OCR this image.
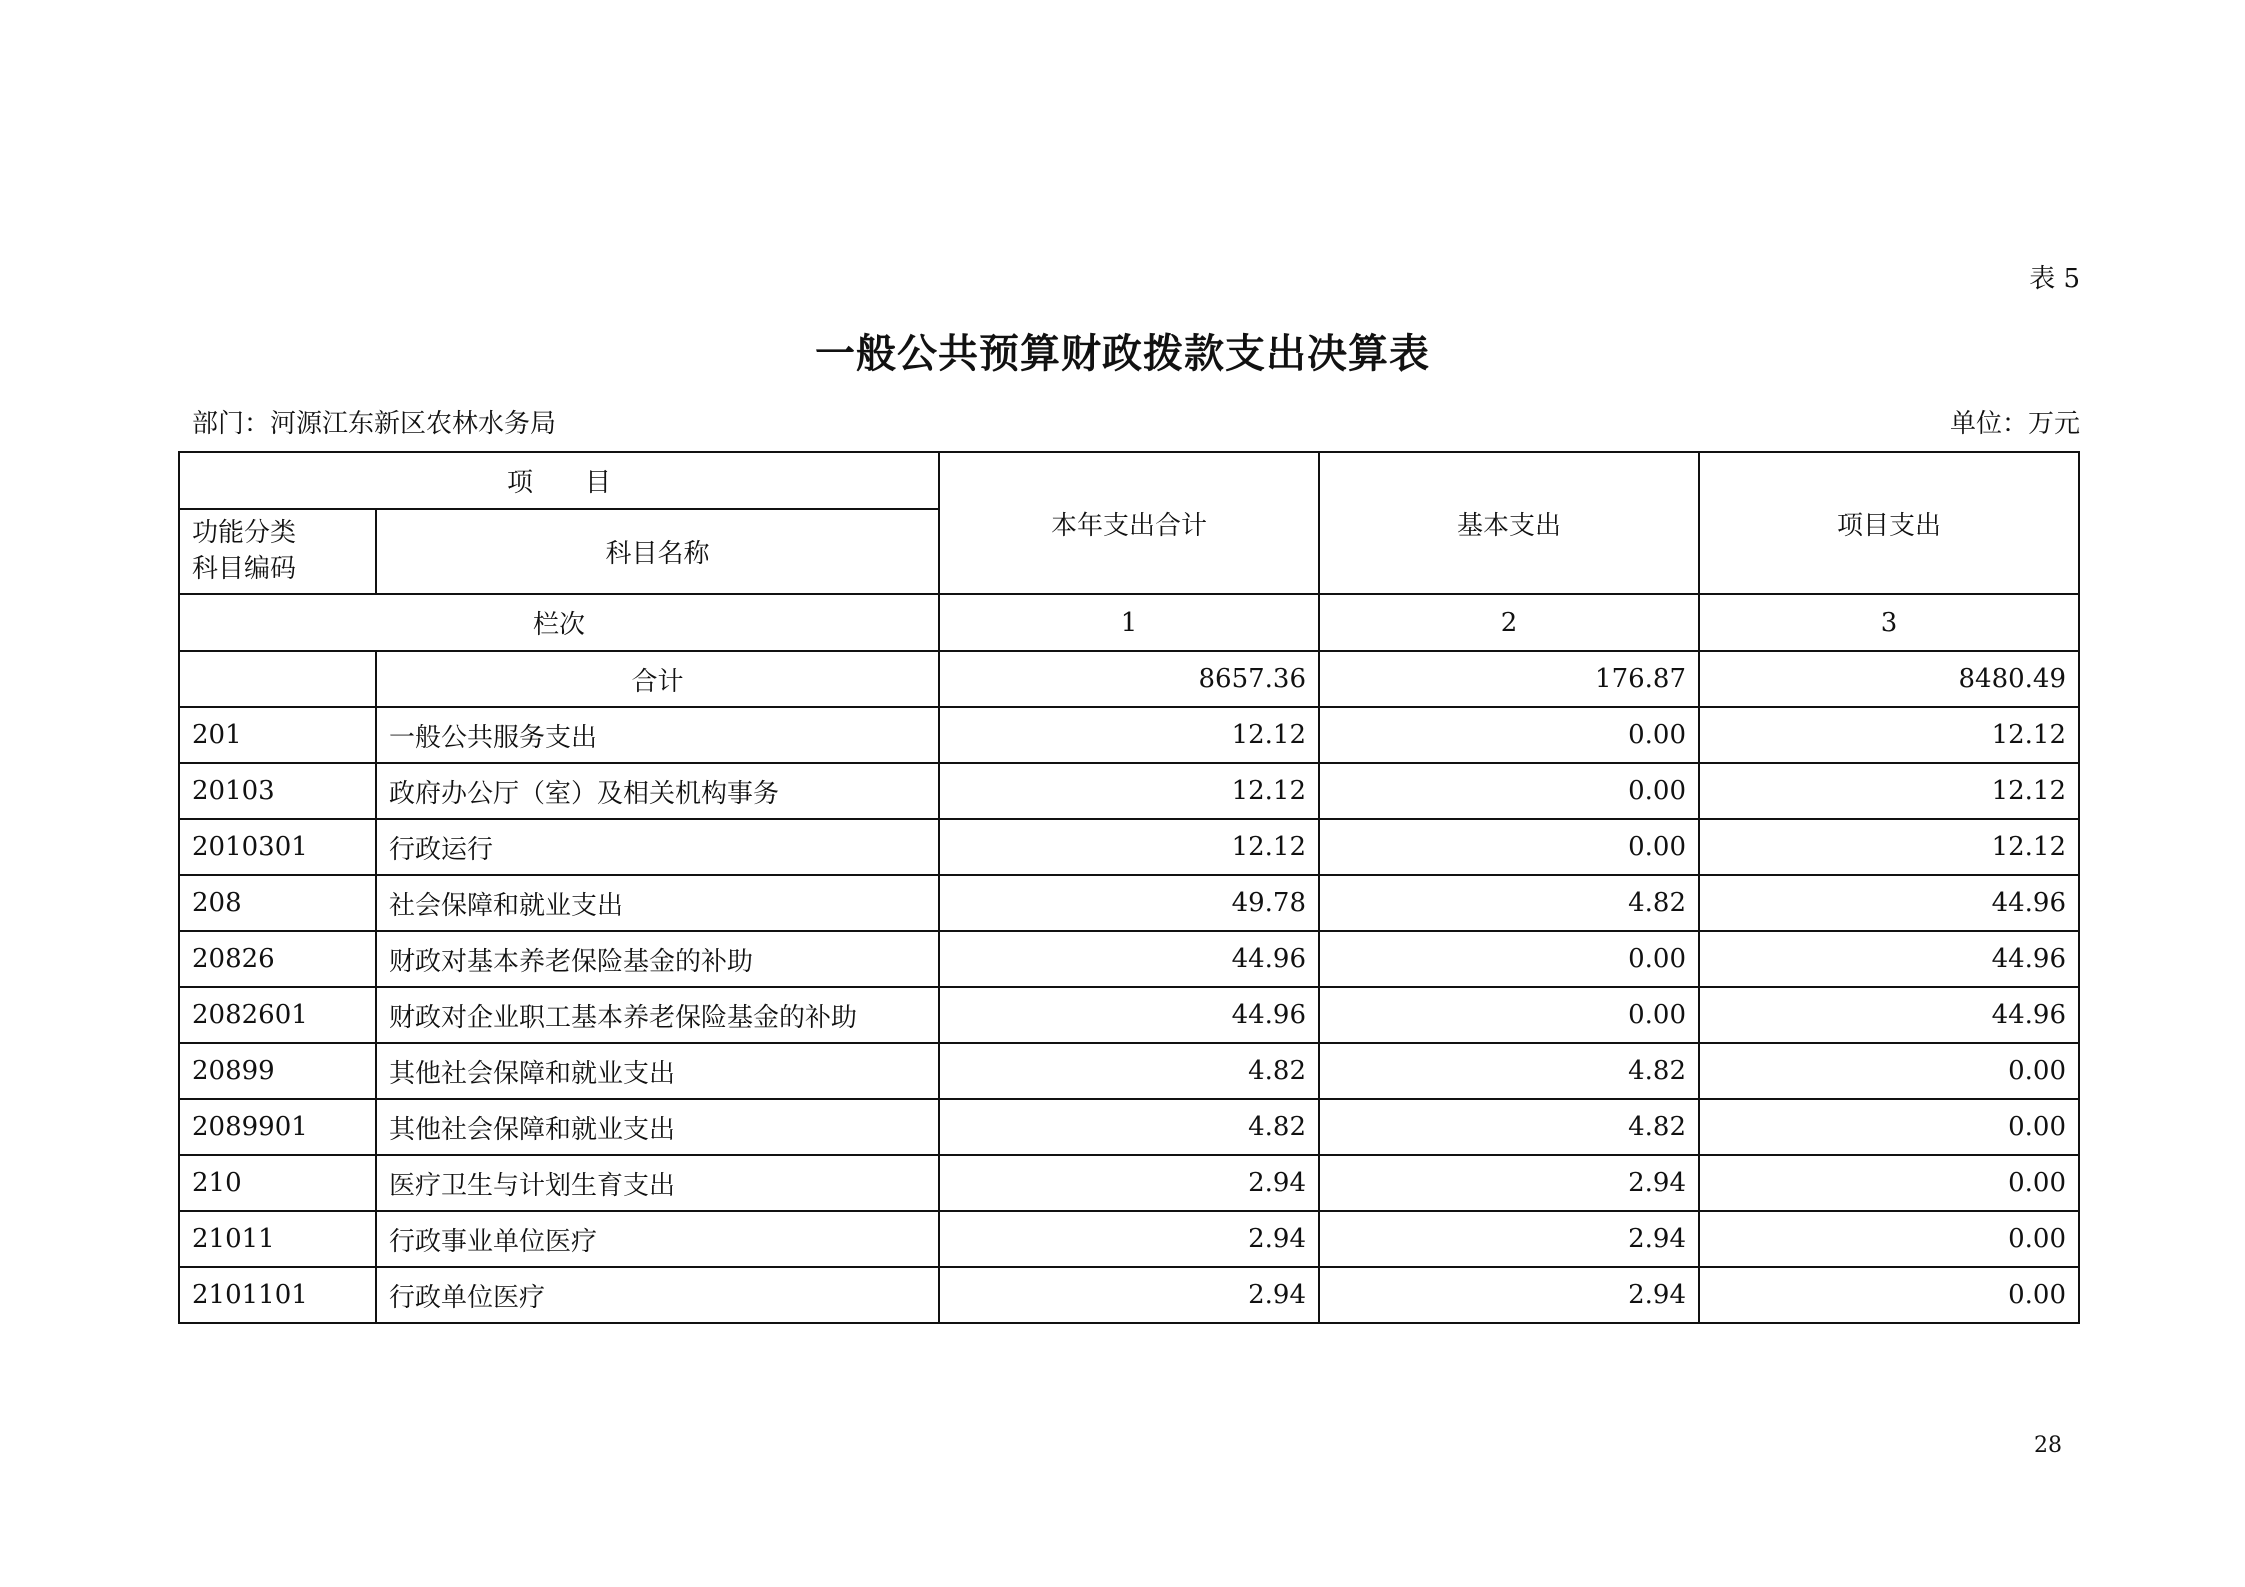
表 5
一般公共预算财政拨款支出决算表
部门：河源江东新区农林水务局	单位：万元
项　　目		本年支出合计	基本支出	项目支出

功能分类
科目编码	科目名称			
栏次		1	2	3
	合计	8657.36	176.87	8480.49
201	一般公共服务支出	12.12	0.00	12.12
20103	政府办公厅（室）及相关机构事务	12.12	0.00	12.12
2010301	行政运行	12.12	0.00	12.12
208	社会保障和就业支出	49.78	4.82	44.96
20826	财政对基本养老保险基金的补助	44.96	0.00	44.96
2082601	财政对企业职工基本养老保险基金的补助	44.96	0.00	44.96
20899	其他社会保障和就业支出	4.82	4.82	0.00
2089901	其他社会保障和就业支出	4.82	4.82	0.00
210	医疗卫生与计划生育支出	2.94	2.94	0.00
21011	行政事业单位医疗	2.94	2.94	0.00
2101101	行政单位医疗	2.94	2.94	0.00
28
